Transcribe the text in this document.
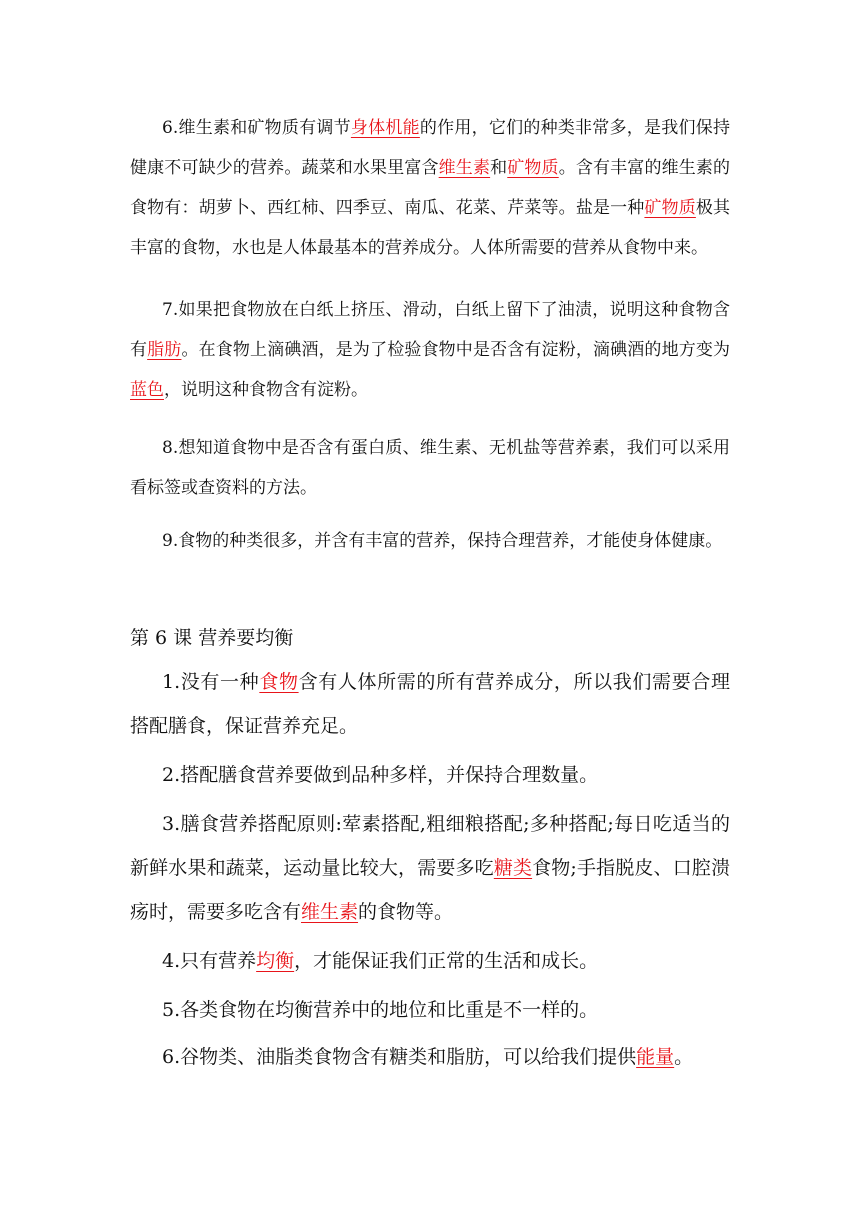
6.维生素和矿物质有调节身体机能的作用，它们的种类非常多，是我们保持健康不可缺少的营养。蔬菜和水果里富含维生素和矿物质。含有丰富的维生素的食物有：胡萝卜、西红柿、四季豆、南瓜、花菜、芹菜等。盐是一种矿物质极其丰富的食物，水也是人体最基本的营养成分。人体所需要的营养从食物中来。

7.如果把食物放在白纸上挤压、滑动，白纸上留下了油渍，说明这种食物含有脂肪。在食物上滴碘酒，是为了检验食物中是否含有淀粉，滴碘酒的地方变为蓝色，说明这种食物含有淀粉。

8.想知道食物中是否含有蛋白质、维生素、无机盐等营养素，我们可以采用看标签或查资料的方法。

9.食物的种类很多，并含有丰富的营养，保持合理营养，才能使身体健康。

第 6 课 营养要均衡

1.没有一种食物含有人体所需的所有营养成分，所以我们需要合理搭配膳食，保证营养充足。

2.搭配膳食营养要做到品种多样，并保持合理数量。

3.膳食营养搭配原则:荤素搭配,粗细粮搭配;多种搭配;每日吃适当的新鲜水果和蔬菜，运动量比较大，需要多吃糖类食物;手指脱皮、口腔溃疡时，需要多吃含有维生素的食物等。

4.只有营养均衡，才能保证我们正常的生活和成长。

5.各类食物在均衡营养中的地位和比重是不一样的。

6.谷物类、油脂类食物含有糖类和脂肪，可以给我们提供能量。
